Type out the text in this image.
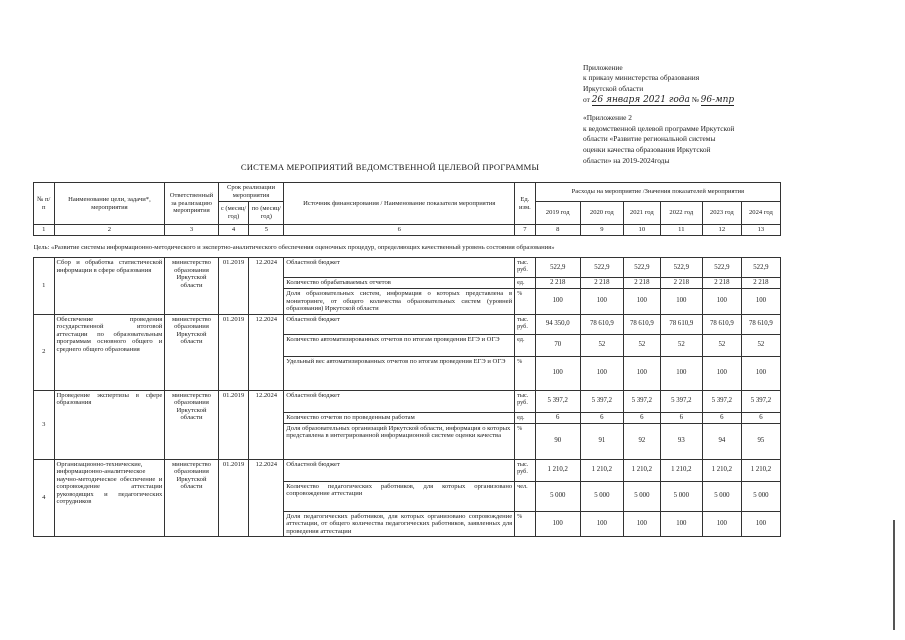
Приложение
к приказу министерства образования
Иркутской области
от 26 января 2021 года № 96-мпр
«Приложение 2
к ведомственной целевой программе Иркутской
области «Развитие региональной системы
оценки качества образования Иркутской
области» на 2019-2024годы
СИСТЕМА МЕРОПРИЯТИЙ ВЕДОМСТВЕННОЙ ЦЕЛЕВОЙ ПРОГРАММЫ
№ п/п	Наименование цели, задачи*, мероприятия	Ответственный за реализацию мероприятия	Срок реализации мероприятия		Источник финансирования / Наименование показателя мероприятия	Ед. изм.	Расходы на мероприятие /Значения показателей мероприятия					
			с (месяц/ год)	по (месяц/ год)			2019 год	2020 год	2021 год	2022 год	2023 год	2024 год

1	2	3	4	5	6	7	8	9	10	11	12	13
Цель: «Развитие системы информационно-методического и экспертно-аналитического обеспечения оценочных процедур, определяющих качественный уровень состояния образования»												
1	Сбор и обработка статистической информации в сфере образования	министерство образования Иркутской области	01.2019	12.2024	Областной бюджет	тыс. руб.	522,9	522,9	522,9	522,9	522,9	522,9
					Количество обрабатываемых отчетов	ед.	2 218	2 218	2 218	2 218	2 218	2 218
					Доля образовательных систем, информация о которых представлена в мониторинге, от общего количества образовательных систем (уровней образования) Иркутской области	%	100	100	100	100	100	100
2	Обеспечение проведения государственной итоговой аттестации по образовательным программам основного общего и среднего общего образования	министерство образования Иркутской области	01.2019	12.2024	Областной бюджет	тыс. руб.	94 350,0	78 610,9	78 610,9	78 610,9	78 610,9	78 610,9
					Количество автоматизированных отчетов по итогам проведения ЕГЭ и ОГЭ	ед.	70	52	52	52	52	52
					Удельный вес автоматизированных отчетов по итогам проведения ЕГЭ и ОГЭ	%	100	100	100	100	100	100
3	Проведение экспертизы в сфере образования	министерство образования Иркутской области	01.2019	12.2024	Областной бюджет	тыс. руб.	5 397,2	5 397,2	5 397,2	5 397,2	5 397,2	5 397,2
					Количество отчетов по проведенным работам	ед.	6	6	6	6	6	6
					Доля образовательных организаций Иркутской области, информация о которых представлена в интегрированной информационной системе оценки качества	%	90	91	92	93	94	95
4	Организационно-технические, информационно-аналитическое научно-методическое обеспечение и сопровождение аттестации руководящих и педагогических сотрудников	министерство образования Иркутской области	01.2019	12.2024	Областной бюджет	тыс. руб.	1 210,2	1 210,2	1 210,2	1 210,2	1 210,2	1 210,2
					Количество педагогических работников, для которых организовано сопровождение аттестации	чел.	5 000	5 000	5 000	5 000	5 000	5 000
					Доля педагогических работников, для которых организовано сопровождение аттестации, от общего количества педагогических работников, заявленных для проведения аттестации	%	100	100	100	100	100	100
